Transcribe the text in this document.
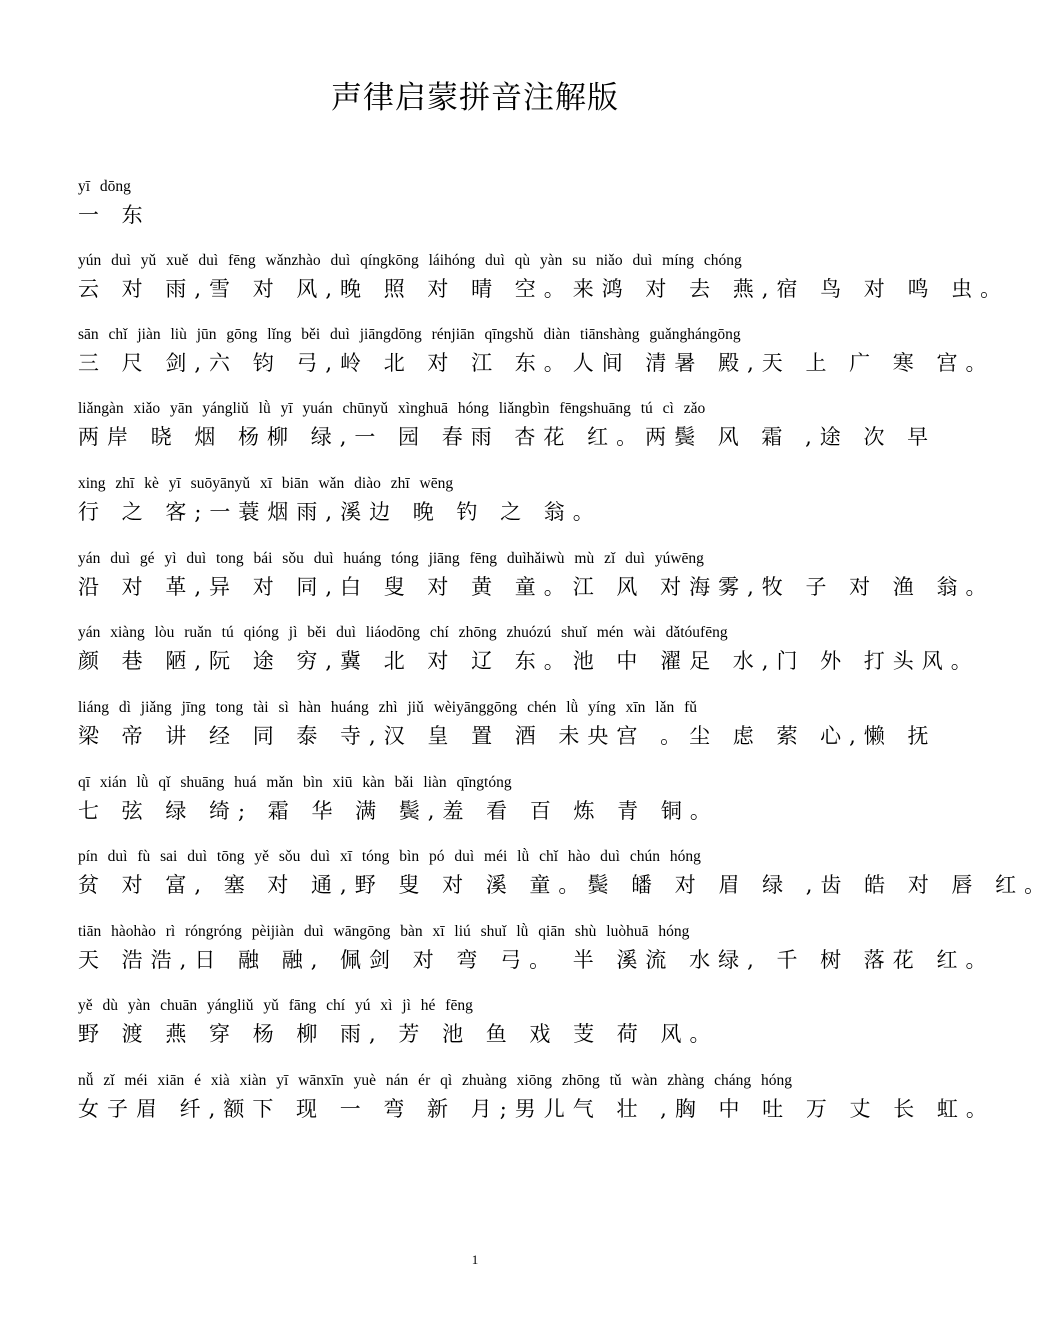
声律启蒙拼音注解版
yī dōng
一 东
yún duì yǔ xuě duì fēng wǎnzhào duì qíngkōng láihóng duì qù yàn su niǎo duì míng chóng
云 对 雨,雪 对 风,晚 照 对 晴 空。来鸿 对 去 燕,宿 鸟 对 鸣 虫。
sān chǐ jiàn liù jūn gōng lǐng běi duì jiāngdōng rénjiān qīngshǔ diàn tiānshàng guǎnghángōng
三 尺 剑,六 钧 弓,岭 北 对 江 东。人间 清暑 殿,天 上 广 寒 宫。
liǎngàn xiǎo yān yángliǔ lǜ yī yuán chūnyǔ xìnghuā hóng liǎngbìn fēngshuāng tú cì zǎo
两岸 晓 烟 杨柳 绿,一 园 春雨 杏花 红。两鬓 风 霜 ,途 次 早
xing zhī kè yī suōyānyǔ xī biān wǎn diào zhī wēng
行 之 客;一蓑烟雨,溪边 晚 钓 之 翁。
yán duì gé yì duì tong bái sǒu duì huáng tóng jiāng fēng duìhǎiwù mù zǐ duì yúwēng
沿 对 革,异 对 同,白 叟 对 黄 童。江 风 对海雾,牧 子 对 渔 翁。
yán xiàng lòu ruǎn tú qióng jì běi duì liáodōng chí zhōng zhuózú shuǐ mén wài dǎtóufēng
颜 巷 陋,阮 途 穷,冀 北 对 辽 东。池 中 濯足 水,门 外 打头风。
liáng dì jiǎng jīng tong tài sì hàn huáng zhì jiǔ wèiyānggōng chén lǜ yíng xīn lǎn fǔ
梁 帝 讲 经 同 泰 寺,汉 皇 置 酒 未央宫 。尘 虑 萦 心,懒 抚
qī xián lǜ qǐ shuāng huá mǎn bìn xiū kàn bǎi liàn qīngtóng
七 弦 绿 绮; 霜 华 满 鬓,羞 看 百 炼 青 铜。
pín duì fù sai duì tōng yě sǒu duì xī tóng bìn pó duì méi lǜ chǐ hào duì chún hóng
贫 对 富, 塞 对 通,野 叟 对 溪 童。鬓 皤 对 眉 绿 ,齿 皓 对 唇 红。
tiān hàohào rì róngróng pèijiàn duì wāngōng bàn xī liú shuǐ lǜ qiān shù luòhuā hóng
天 浩浩,日 融 融, 佩剑 对 弯 弓。 半 溪流 水绿, 千 树 落花 红。
yě dù yàn chuān yángliǔ yǔ fāng chí yú xì jì hé fēng
野 渡 燕 穿 杨 柳 雨, 芳 池 鱼 戏 芰 荷 风。
nǚ zǐ méi xiān é xià xiàn yī wānxīn yuè nán ér qì zhuàng xiōng zhōng tǔ wàn zhàng cháng hóng
女子眉 纤,额下 现 一 弯 新 月;男儿气 壮 ,胸 中 吐 万 丈 长 虹。
1
